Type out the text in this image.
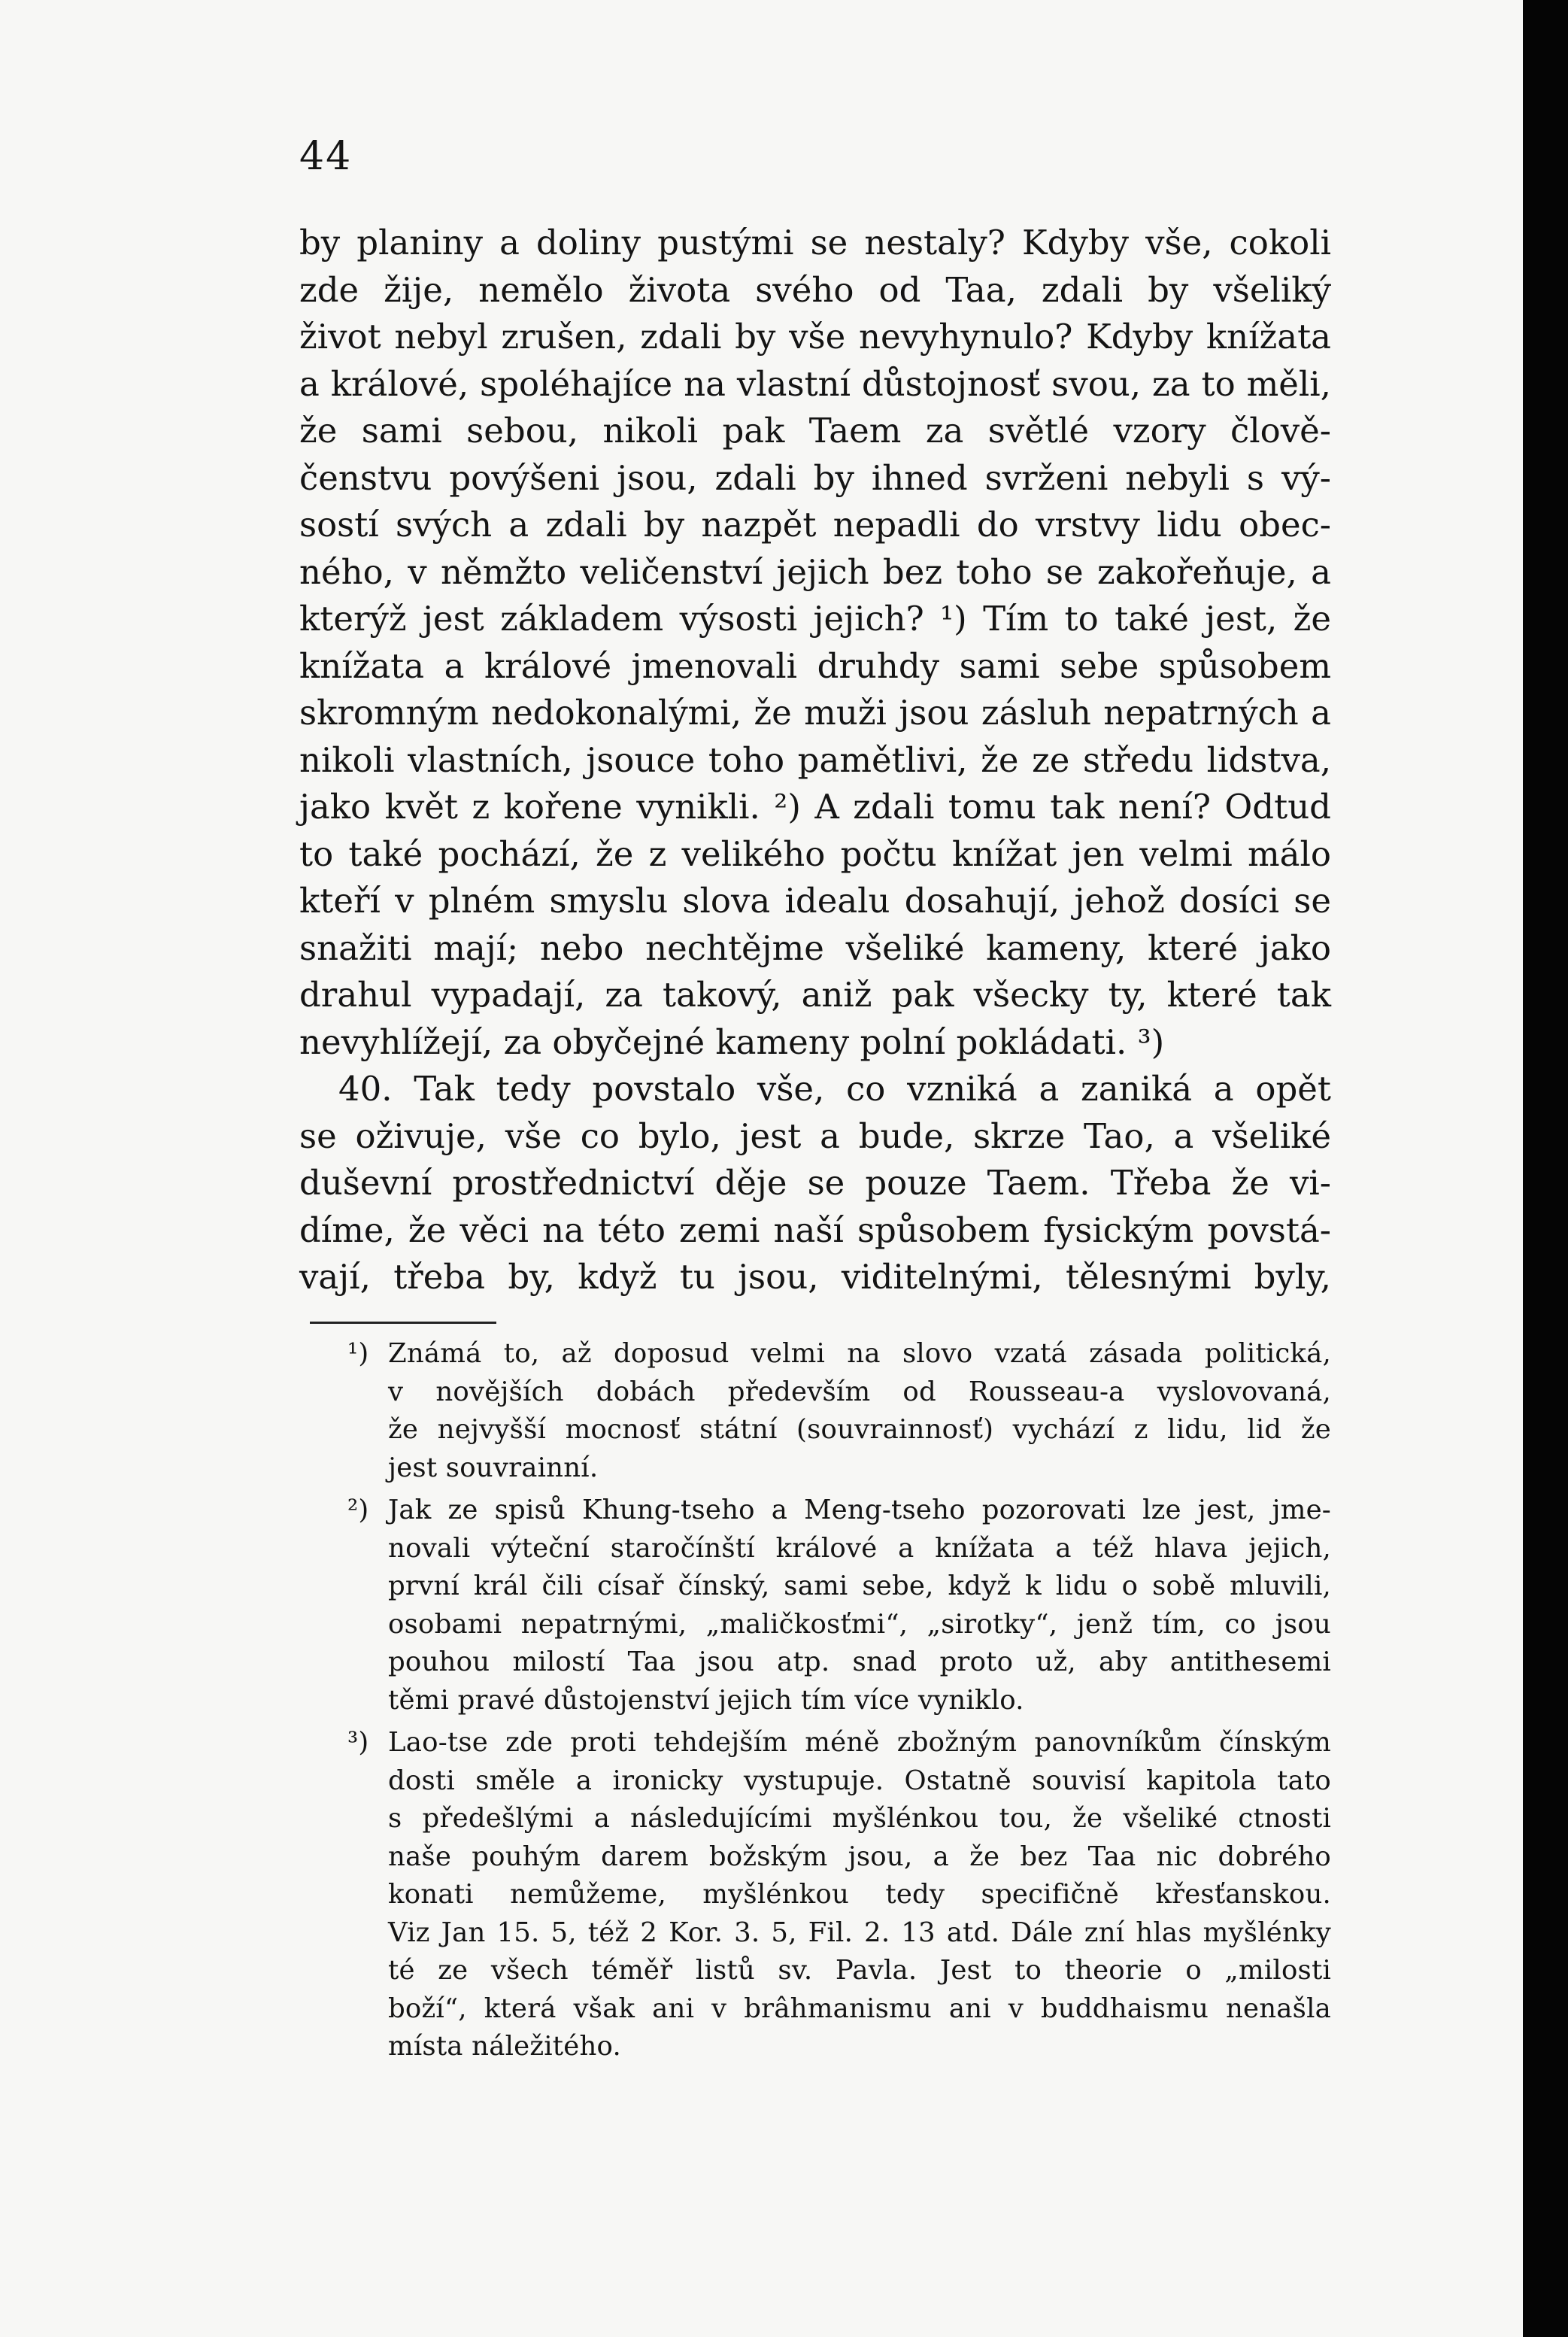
44
by planiny a doliny pustými se nestaly? Kdyby vše, cokoli
zde žije, nemělo života svého od Taa, zdali by všeliký
život nebyl zrušen, zdali by vše nevyhynulo? Kdyby knížata
a králové, spoléhajíce na vlastní důstojnosť svou, za to měli,
že sami sebou, nikoli pak Taem za světlé vzory člově-
čenstvu povýšeni jsou, zdali by ihned svrženi nebyli s vý-
sostí svých a zdali by nazpět nepadli do vrstvy lidu obec-
ného, v němžto veličenství jejich bez toho se zakořeňuje, a
kterýž jest základem výsosti jejich? ¹) Tím to také jest, že
knížata a králové jmenovali druhdy sami sebe spůsobem
skromným nedokonalými, že muži jsou zásluh nepatrných a
nikoli vlastních, jsouce toho pamětlivi, že ze středu lidstva,
jako květ z kořene vynikli. ²) A zdali tomu tak není? Odtud
to také pochází, že z velikého počtu knížat jen velmi málo
kteří v plném smyslu slova idealu dosahují, jehož dosíci se
snažiti mají; nebo nechtějme všeliké kameny, které jako
drahul vypadají, za takový, aniž pak všecky ty, které tak
nevyhlížejí, za obyčejné kameny polní pokládati. ³)
40. Tak tedy povstalo vše, co vzniká a zaniká a opět
se oživuje, vše co bylo, jest a bude, skrze Tao, a všeliké
duševní prostřednictví děje se pouze Taem. Třeba že vi-
díme, že věci na této zemi naší spůsobem fysickým povstá-
vají, třeba by, když tu jsou, viditelnými, tělesnými byly,
¹) Známá to, až doposud velmi na slovo vzatá zásada politická,
v novějších dobách především od Rousseau-a vyslovovaná,
že nejvyšší mocnosť státní (souvrainnosť) vychází z lidu, lid že
jest souvrainní.
²) Jak ze spisů Khung-tseho a Meng-tseho pozorovati lze jest, jme-
novali výteční staročínští králové a knížata a též hlava jejich,
první král čili císař čínský, sami sebe, když k lidu o sobě mluvili,
osobami nepatrnými, „maličkosťmi“, „sirotky“, jenž tím, co jsou
pouhou milostí Taa jsou atp. snad proto už, aby antithesemi
těmi pravé důstojenství jejich tím více vyniklo.
³) Lao-tse zde proti tehdejším méně zbožným panovníkům čínským
dosti směle a ironicky vystupuje. Ostatně souvisí kapitola tato
s předešlými a následujícími myšlénkou tou, že všeliké ctnosti
naše pouhým darem božským jsou, a že bez Taa nic dobrého
konati nemůžeme, myšlénkou tedy specifičně křesťanskou.
Viz Jan 15. 5, též 2 Kor. 3. 5, Fil. 2. 13 atd. Dále zní hlas myšlénky
té ze všech téměř listů sv. Pavla. Jest to theorie o „milosti
boží“, která však ani v brâhmanismu ani v buddhaismu nenašla
místa náležitého.
